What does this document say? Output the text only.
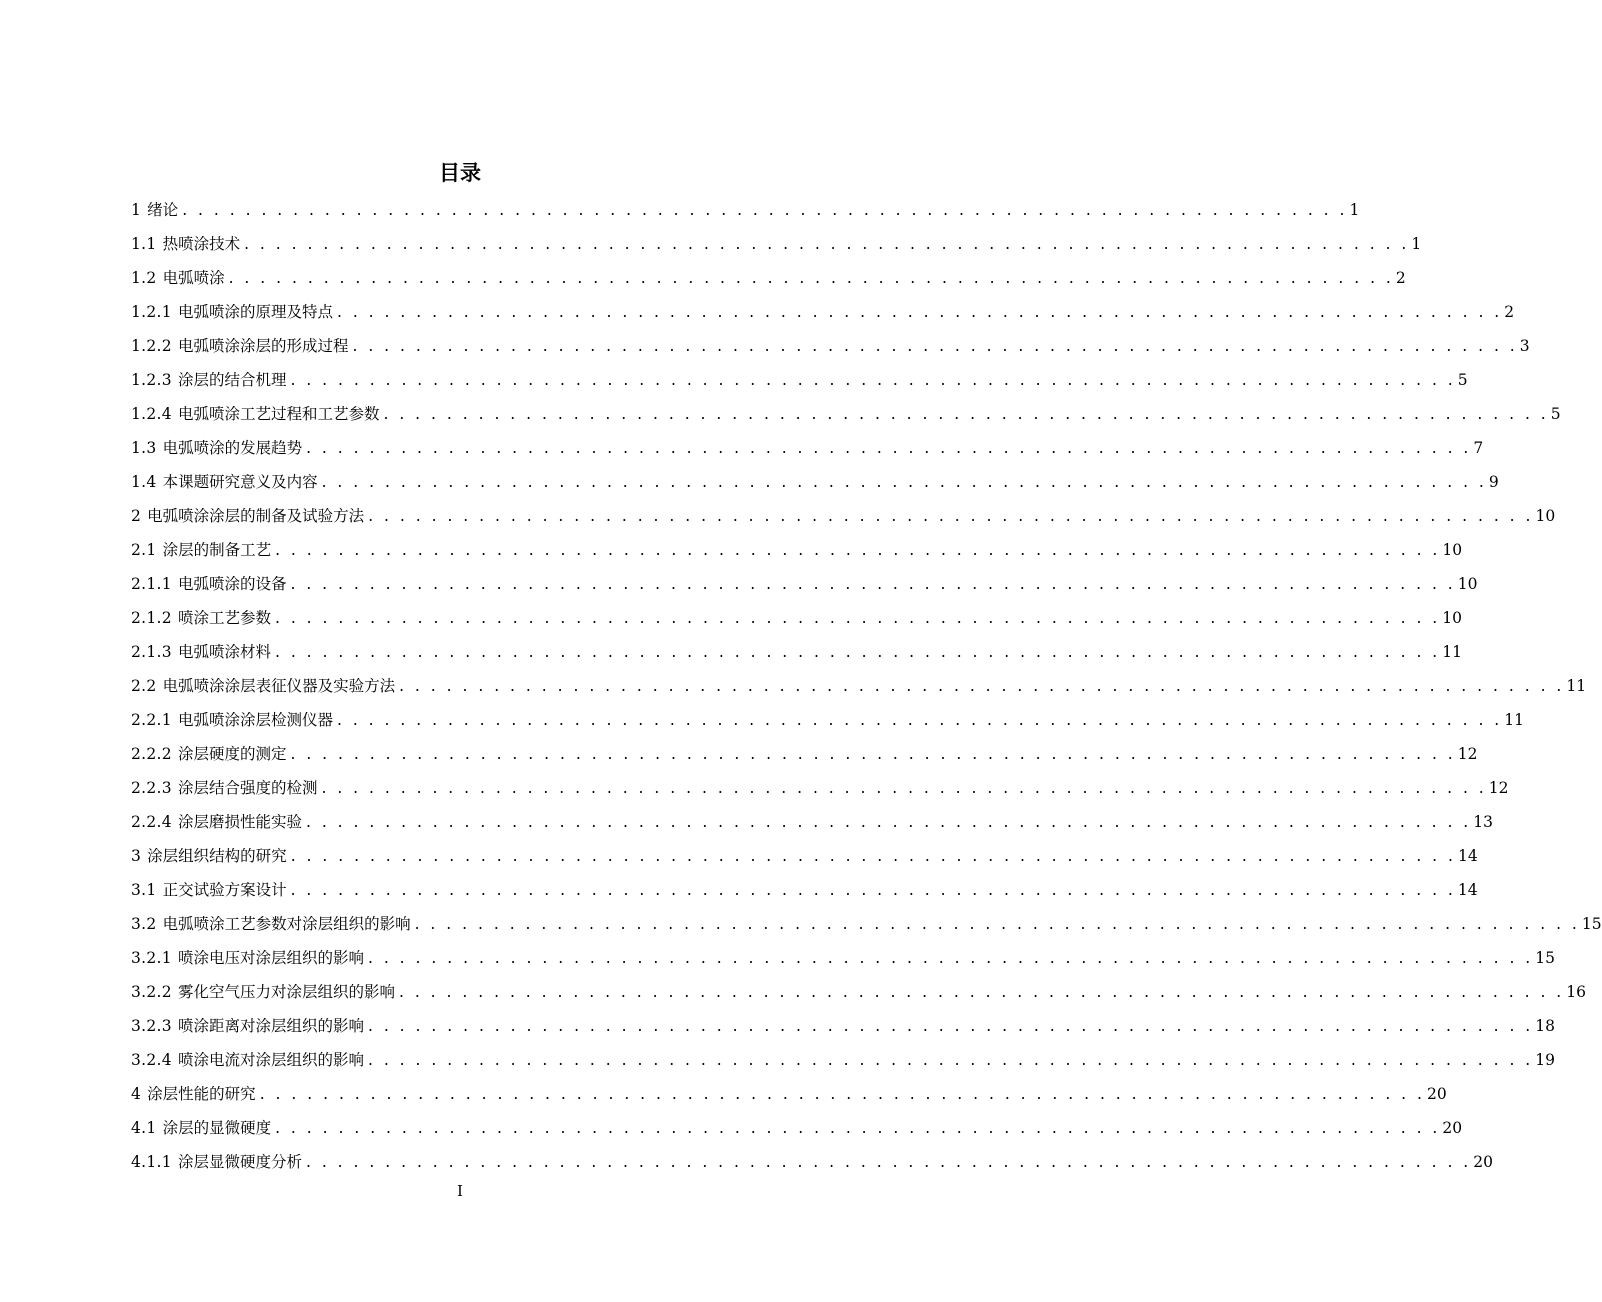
目录
1 绪论 . . . . . . . . . . . . . . . . . . . . . . . . . . . . . . . . . . . . . . . . . . . . . . . . . . . . . . . . . . . . . . . . . . . . . . . . . . 1
1.1 热喷涂技术 . . . . . . . . . . . . . . . . . . . . . . . . . . . . . . . . . . . . . . . . . . . . . . . . . . . . . . . . . . . . . . . . . . . . . . . . . . 1
1.2 电弧喷涂 . . . . . . . . . . . . . . . . . . . . . . . . . . . . . . . . . . . . . . . . . . . . . . . . . . . . . . . . . . . . . . . . . . . . . . . . . . 2
1.2.1 电弧喷涂的原理及特点 . . . . . . . . . . . . . . . . . . . . . . . . . . . . . . . . . . . . . . . . . . . . . . . . . . . . . . . . . . . . . . . . . . . . . . . . . . 2
1.2.2 电弧喷涂涂层的形成过程 . . . . . . . . . . . . . . . . . . . . . . . . . . . . . . . . . . . . . . . . . . . . . . . . . . . . . . . . . . . . . . . . . . . . . . . . . . 3
1.2.3 涂层的结合机理 . . . . . . . . . . . . . . . . . . . . . . . . . . . . . . . . . . . . . . . . . . . . . . . . . . . . . . . . . . . . . . . . . . . . . . . . . . 5
1.2.4 电弧喷涂工艺过程和工艺参数 . . . . . . . . . . . . . . . . . . . . . . . . . . . . . . . . . . . . . . . . . . . . . . . . . . . . . . . . . . . . . . . . . . . . . . . . . . 5
1.3 电弧喷涂的发展趋势 . . . . . . . . . . . . . . . . . . . . . . . . . . . . . . . . . . . . . . . . . . . . . . . . . . . . . . . . . . . . . . . . . . . . . . . . . . 7
1.4 本课题研究意义及内容 . . . . . . . . . . . . . . . . . . . . . . . . . . . . . . . . . . . . . . . . . . . . . . . . . . . . . . . . . . . . . . . . . . . . . . . . . . 9
2 电弧喷涂涂层的制备及试验方法 . . . . . . . . . . . . . . . . . . . . . . . . . . . . . . . . . . . . . . . . . . . . . . . . . . . . . . . . . . . . . . . . . . . . . . . . . . 10
2.1 涂层的制备工艺 . . . . . . . . . . . . . . . . . . . . . . . . . . . . . . . . . . . . . . . . . . . . . . . . . . . . . . . . . . . . . . . . . . . . . . . . . . 10
2.1.1 电弧喷涂的设备 . . . . . . . . . . . . . . . . . . . . . . . . . . . . . . . . . . . . . . . . . . . . . . . . . . . . . . . . . . . . . . . . . . . . . . . . . . 10
2.1.2 喷涂工艺参数 . . . . . . . . . . . . . . . . . . . . . . . . . . . . . . . . . . . . . . . . . . . . . . . . . . . . . . . . . . . . . . . . . . . . . . . . . . 10
2.1.3 电弧喷涂材料 . . . . . . . . . . . . . . . . . . . . . . . . . . . . . . . . . . . . . . . . . . . . . . . . . . . . . . . . . . . . . . . . . . . . . . . . . . 11
2.2 电弧喷涂涂层表征仪器及实验方法 . . . . . . . . . . . . . . . . . . . . . . . . . . . . . . . . . . . . . . . . . . . . . . . . . . . . . . . . . . . . . . . . . . . . . . . . . . 11
2.2.1 电弧喷涂涂层检测仪器 . . . . . . . . . . . . . . . . . . . . . . . . . . . . . . . . . . . . . . . . . . . . . . . . . . . . . . . . . . . . . . . . . . . . . . . . . . 11
2.2.2 涂层硬度的测定 . . . . . . . . . . . . . . . . . . . . . . . . . . . . . . . . . . . . . . . . . . . . . . . . . . . . . . . . . . . . . . . . . . . . . . . . . . 12
2.2.3 涂层结合强度的检测 . . . . . . . . . . . . . . . . . . . . . . . . . . . . . . . . . . . . . . . . . . . . . . . . . . . . . . . . . . . . . . . . . . . . . . . . . . 12
2.2.4 涂层磨损性能实验 . . . . . . . . . . . . . . . . . . . . . . . . . . . . . . . . . . . . . . . . . . . . . . . . . . . . . . . . . . . . . . . . . . . . . . . . . . 13
3 涂层组织结构的研究 . . . . . . . . . . . . . . . . . . . . . . . . . . . . . . . . . . . . . . . . . . . . . . . . . . . . . . . . . . . . . . . . . . . . . . . . . . 14
3.1 正交试验方案设计 . . . . . . . . . . . . . . . . . . . . . . . . . . . . . . . . . . . . . . . . . . . . . . . . . . . . . . . . . . . . . . . . . . . . . . . . . . 14
3.2 电弧喷涂工艺参数对涂层组织的影响 . . . . . . . . . . . . . . . . . . . . . . . . . . . . . . . . . . . . . . . . . . . . . . . . . . . . . . . . . . . . . . . . . . . . . . . . . . 15
3.2.1 喷涂电压对涂层组织的影响 . . . . . . . . . . . . . . . . . . . . . . . . . . . . . . . . . . . . . . . . . . . . . . . . . . . . . . . . . . . . . . . . . . . . . . . . . . 15
3.2.2 雾化空气压力对涂层组织的影响 . . . . . . . . . . . . . . . . . . . . . . . . . . . . . . . . . . . . . . . . . . . . . . . . . . . . . . . . . . . . . . . . . . . . . . . . . . 16
3.2.3 喷涂距离对涂层组织的影响 . . . . . . . . . . . . . . . . . . . . . . . . . . . . . . . . . . . . . . . . . . . . . . . . . . . . . . . . . . . . . . . . . . . . . . . . . . 18
3.2.4 喷涂电流对涂层组织的影响 . . . . . . . . . . . . . . . . . . . . . . . . . . . . . . . . . . . . . . . . . . . . . . . . . . . . . . . . . . . . . . . . . . . . . . . . . . 19
4 涂层性能的研究 . . . . . . . . . . . . . . . . . . . . . . . . . . . . . . . . . . . . . . . . . . . . . . . . . . . . . . . . . . . . . . . . . . . . . . . . . . 20
4.1 涂层的显微硬度 . . . . . . . . . . . . . . . . . . . . . . . . . . . . . . . . . . . . . . . . . . . . . . . . . . . . . . . . . . . . . . . . . . . . . . . . . . 20
4.1.1 涂层显微硬度分析 . . . . . . . . . . . . . . . . . . . . . . . . . . . . . . . . . . . . . . . . . . . . . . . . . . . . . . . . . . . . . . . . . . . . . . . . . . 20
I
